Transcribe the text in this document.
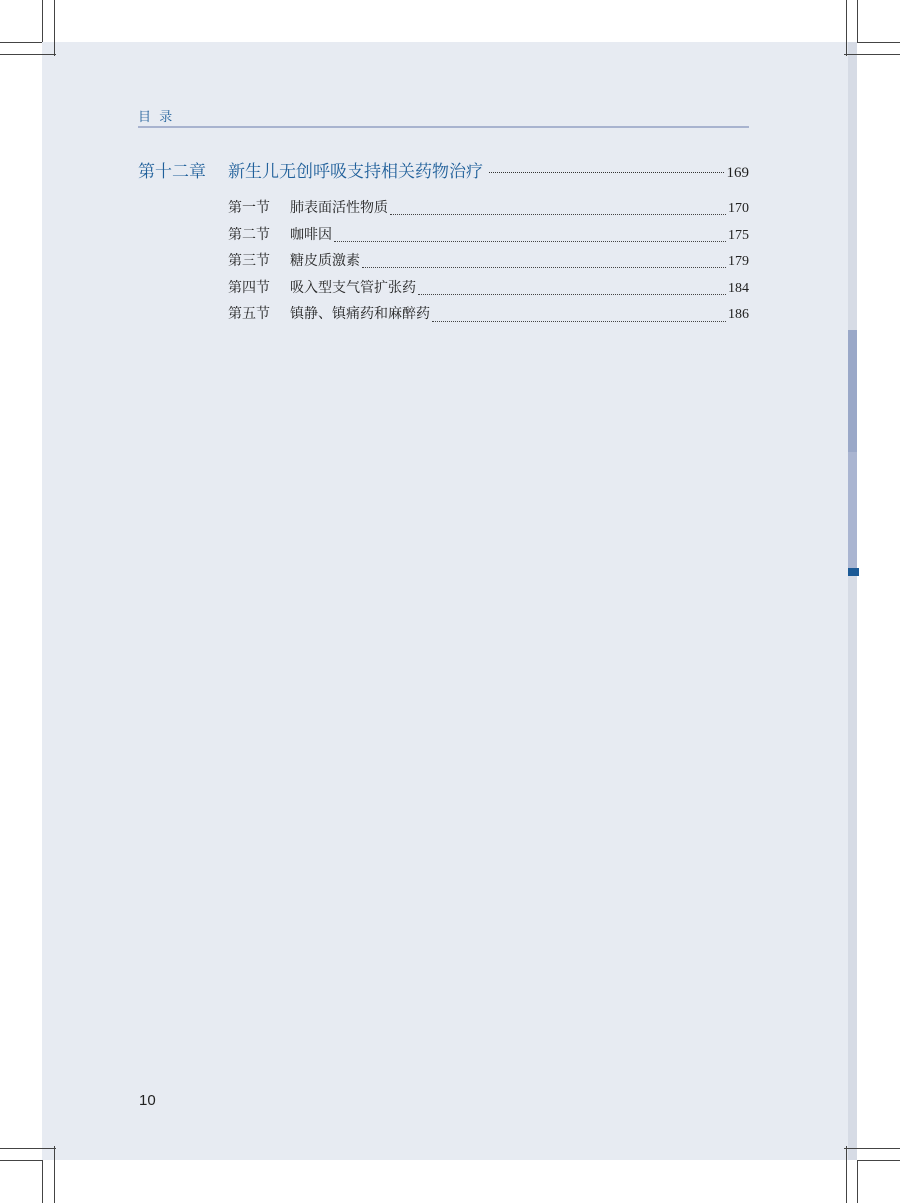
目  录
第十二章	新生儿无创呼吸支持相关药物治疗	169
第一节	肺表面活性物质	170
第二节	咖啡因	175
第三节	糖皮质激素	179
第四节	吸入型支气管扩张药	184
第五节	镇静、镇痛药和麻醉药	186
10
